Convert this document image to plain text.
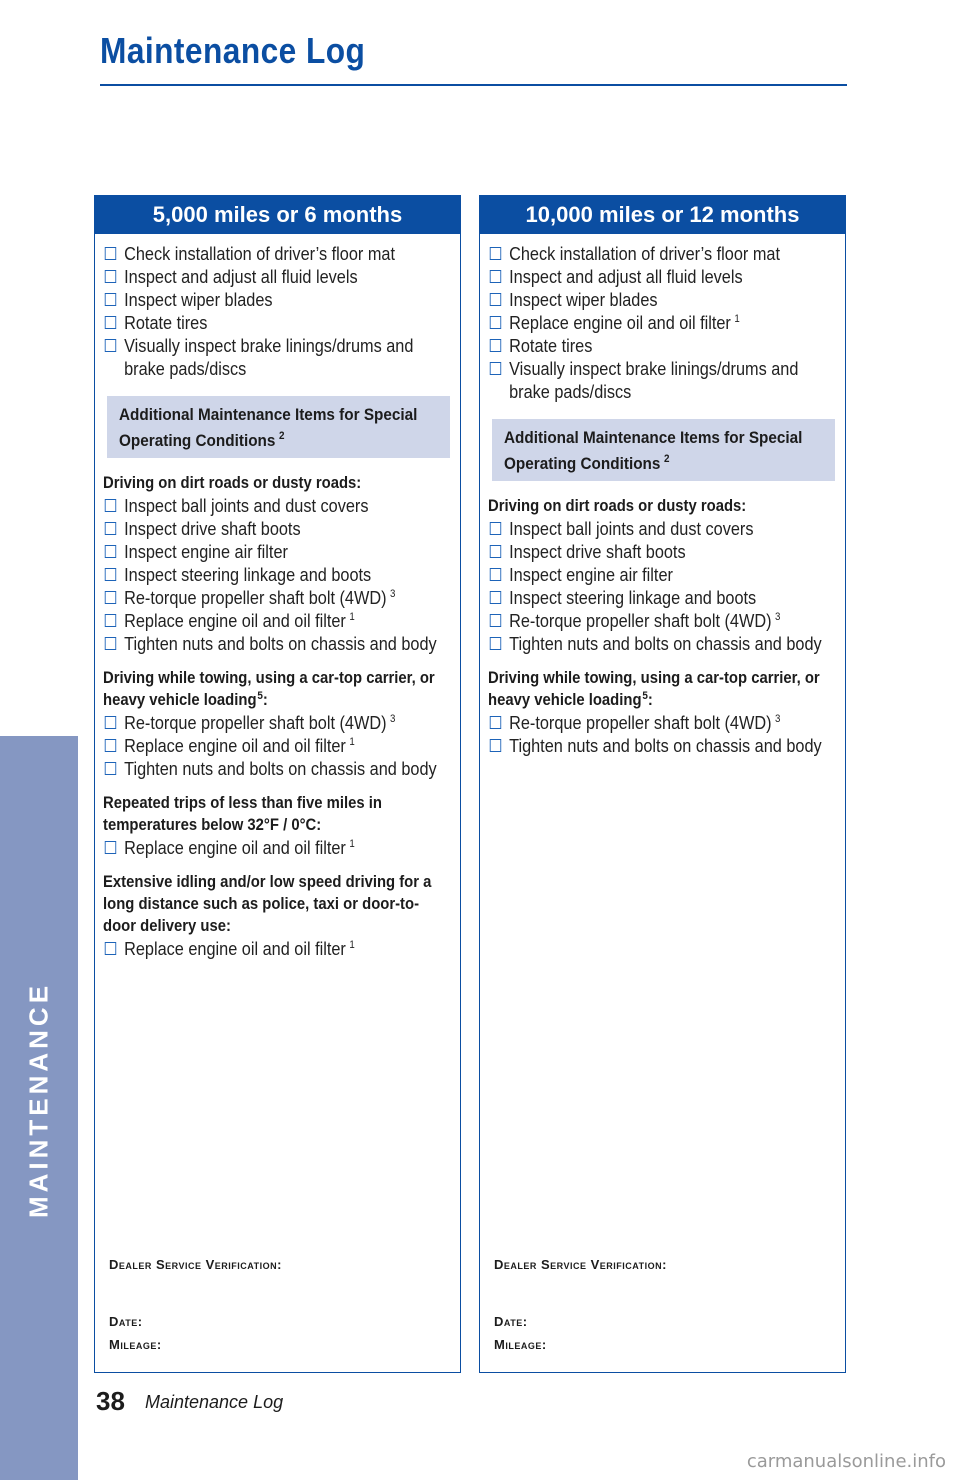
Maintenance Log
MAINTENANCE
5,000 miles or 6 months
Check installation of driver’s floor mat
Inspect and adjust all fluid levels
Inspect wiper blades
Rotate tires
Visually inspect brake linings/drums and brake pads/discs
Additional Maintenance Items for Special Operating Conditions $^2$
Driving on dirt roads or dusty roads:
Inspect ball joints and dust covers
Inspect drive shaft boots
Inspect engine air filter
Inspect steering linkage and boots
Re-torque propeller shaft bolt (4WD) $^3$
Replace engine oil and oil filter $^1$
Tighten nuts and bolts on chassis and body
Driving while towing, using a car-top carrier, or heavy vehicle loading$^5$:
Re-torque propeller shaft bolt (4WD) $^3$
Replace engine oil and oil filter $^1$
Tighten nuts and bolts on chassis and body
Repeated trips of less than five miles in temperatures below 32°F / 0°C:
Replace engine oil and oil filter $^1$
Extensive idling and/or low speed driving for a long distance such as police, taxi or door-to-door delivery use:
Replace engine oil and oil filter $^1$
Dealer Service Verification:
Date:
Mileage:
10,000 miles or 12 months
Check installation of driver’s floor mat
Inspect and adjust all fluid levels
Inspect wiper blades
Replace engine oil and oil filter $^1$
Rotate tires
Visually inspect brake linings/drums and brake pads/discs
Additional Maintenance Items for Special Operating Conditions $^2$
Driving on dirt roads or dusty roads:
Inspect ball joints and dust covers
Inspect drive shaft boots
Inspect engine air filter
Inspect steering linkage and boots
Re-torque propeller shaft bolt (4WD) $^3$
Tighten nuts and bolts on chassis and body
Driving while towing, using a car-top carrier, or heavy vehicle loading$^5$:
Re-torque propeller shaft bolt (4WD) $^3$
Tighten nuts and bolts on chassis and body
Dealer Service Verification:
Date:
Mileage:
38 Maintenance Log
carmanualsonline.info
